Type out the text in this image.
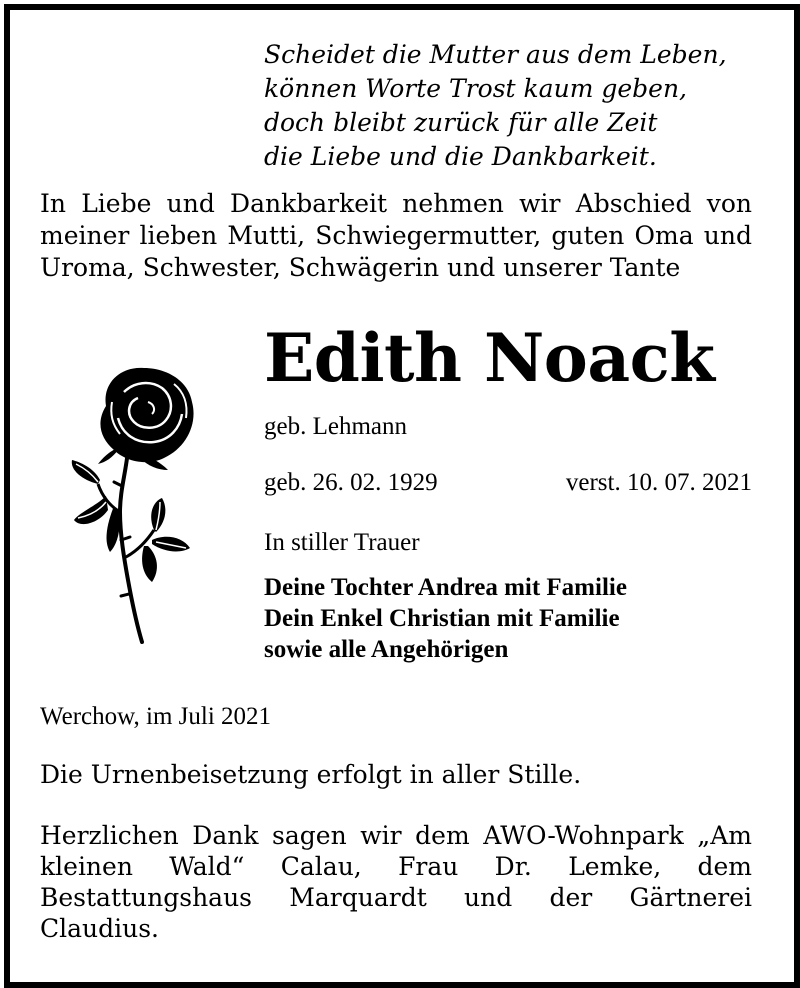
Scheidet die Mutter aus dem Leben,
können Worte Trost kaum geben,
doch bleibt zurück für alle Zeit
die Liebe und die Dankbarkeit.
In Liebe und Dankbarkeit nehmen wir Abschied von meiner lieben Mutti, Schwiegermutter, guten Oma und Uroma, Schwester, Schwägerin und unserer Tante
Edith Noack
geb. Lehmann
geb. 26. 02. 1929	verst. 10. 07. 2021
In stiller Trauer
Deine Tochter Andrea mit Familie
Dein Enkel Christian mit Familie
sowie alle Angehörigen
Werchow, im Juli 2021
Die Urnenbeisetzung erfolgt in aller Stille.
Herzlichen Dank sagen wir dem AWO-Wohnpark „Am kleinen Wald“ Calau, Frau Dr. Lemke, dem Bestattungshaus Marquardt und der Gärtnerei Claudius.
